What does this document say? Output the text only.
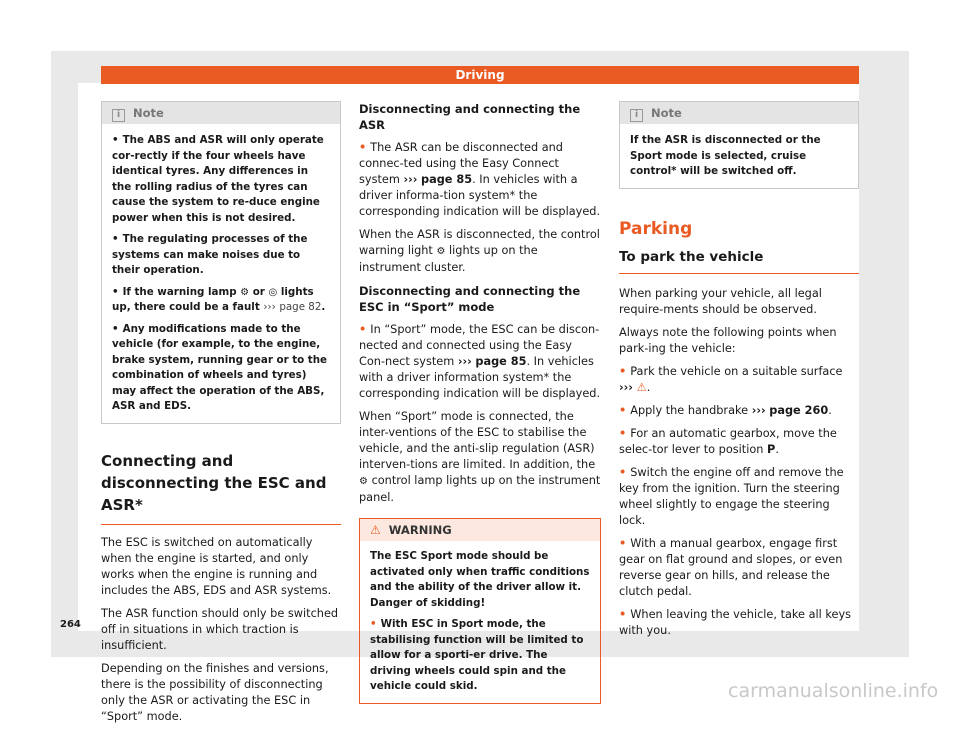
Driving
i Note

• The ABS and ASR will only operate cor-rectly if the four wheels have identical tyres. Any differences in the rolling radius of the tyres can cause the system to re-duce engine power when this is not desired.

• The regulating processes of the systems can make noises due to their operation.

• If the warning lamp ⚙ or ◎ lights up, there could be a fault ››› page 82.

• Any modifications made to the vehicle (for example, to the engine, brake system, running gear or to the combination of wheels and tyres) may affect the operation of the ABS, ASR and EDS.

Connecting and disconnecting the ESC and ASR*

The ESC is switched on automatically when the engine is started, and only works when the engine is running and includes the ABS, EDS and ASR systems.

The ASR function should only be switched off in situations in which traction is insufficient.

Depending on the finishes and versions, there is the possibility of disconnecting only the ASR or activating the ESC in “Sport” mode.

Disconnecting and connecting the ASR

• The ASR can be disconnected and connec-ted using the Easy Connect system ››› page 85. In vehicles with a driver informa-tion system* the corresponding indication will be displayed.

When the ASR is disconnected, the control warning light ⚙ lights up on the instrument cluster.

Disconnecting and connecting the ESC in “Sport” mode

• In “Sport” mode, the ESC can be discon-nected and connected using the Easy Con-nect system ››› page 85. In vehicles with a driver information system* the corresponding indication will be displayed.

When “Sport” mode is connected, the inter-ventions of the ESC to stabilise the vehicle, and the anti-slip regulation (ASR) interven-tions are limited. In addition, the ⚙ control lamp lights up on the instrument panel.

⚠ WARNING

The ESC Sport mode should be activated only when traffic conditions and the ability of the driver allow it. Danger of skidding!

• With ESC in Sport mode, the stabilising function will be limited to allow for a sporti-er drive. The driving wheels could spin and the vehicle could skid.

i Note
If the ASR is disconnected or the Sport mode is selected, cruise control* will be switched off.
Parking
To park the vehicle

When parking your vehicle, all legal require-ments should be observed.

Always note the following points when park-ing the vehicle:

• Park the vehicle on a suitable surface ››› ⚠.

• Apply the handbrake ››› page 260.

• For an automatic gearbox, move the selec-tor lever to position P.

• Switch the engine off and remove the key from the ignition. Turn the steering wheel slightly to engage the steering lock.

• With a manual gearbox, engage first gear on flat ground and slopes, or even reverse gear on hills, and release the clutch pedal.

• When leaving the vehicle, take all keys with you.

264
carmanualsonline.info
